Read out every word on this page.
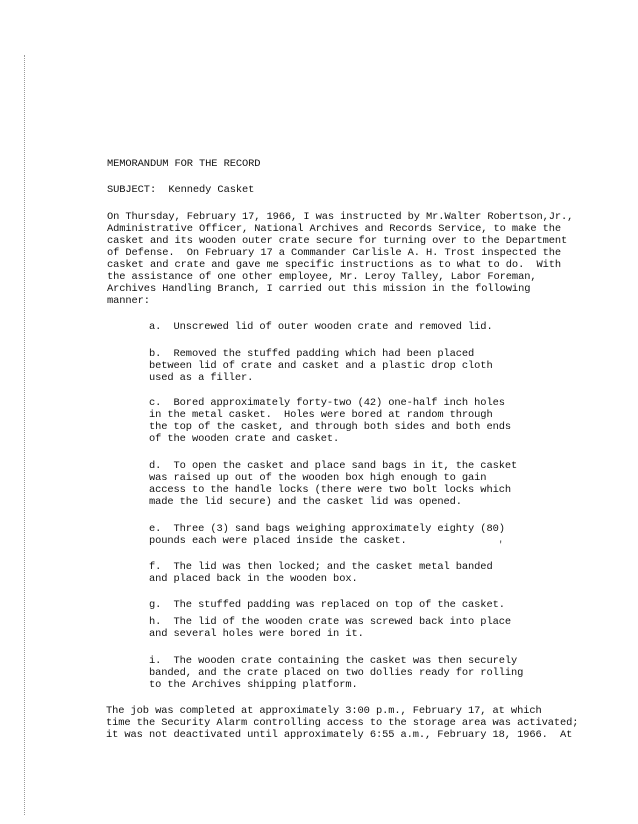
MEMORANDUM FOR THE RECORD
SUBJECT:  Kennedy Casket
On Thursday, February 17, 1966, I was instructed by Mr.Walter Robertson,Jr.,
Administrative Officer, National Archives and Records Service, to make the
casket and its wooden outer crate secure for turning over to the Department
of Defense.  On February 17 a Commander Carlisle A. H. Trost inspected the
casket and crate and gave me specific instructions as to what to do.  With
the assistance of one other employee, Mr. Leroy Talley, Labor Foreman,
Archives Handling Branch, I carried out this mission in the following
manner:
a.  Unscrewed lid of outer wooden crate and removed lid.
b.  Removed the stuffed padding which had been placed
between lid of crate and casket and a plastic drop cloth
used as a filler.
c.  Bored approximately forty-two (42) one-half inch holes
in the metal casket.  Holes were bored at random through
the top of the casket, and through both sides and both ends
of the wooden crate and casket.
d.  To open the casket and place sand bags in it, the casket
was raised up out of the wooden box high enough to gain
access to the handle locks (there were two bolt locks which
made the lid secure) and the casket lid was opened.
e.  Three (3) sand bags weighing approximately eighty (80)
pounds each were placed inside the casket.
f.  The lid was then locked; and the casket metal banded
and placed back in the wooden box.
g.  The stuffed padding was replaced on top of the casket.
h.  The lid of the wooden crate was screwed back into place
and several holes were bored in it.
i.  The wooden crate containing the casket was then securely
banded, and the crate placed on two dollies ready for rolling
to the Archives shipping platform.
The job was completed at approximately 3:00 p.m., February 17, at which
time the Security Alarm controlling access to the storage area was activated;
it was not deactivated until approximately 6:55 a.m., February 18, 1966.  At
'
